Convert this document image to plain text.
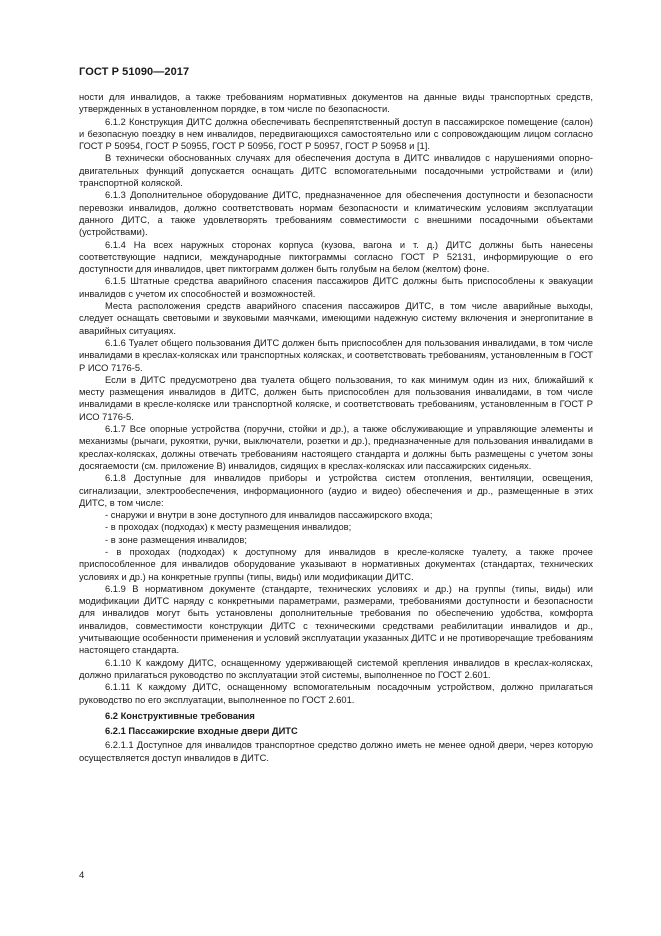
ГОСТ Р 51090—2017

ности для инвалидов, а также требованиям нормативных документов на данные виды транспортных средств, утвержденных в установленном порядке, в том числе по безопасности.

6.1.2 Конструкция ДИТС должна обеспечивать беспрепятственный доступ в пассажирское помещение (салон) и безопасную поездку в нем инвалидов, передвигающихся самостоятельно или с сопровождающим лицом согласно ГОСТ Р 50954, ГОСТ Р 50955, ГОСТ Р 50956, ГОСТ Р 50957, ГОСТ Р 50958 и [1].

В технически обоснованных случаях для обеспечения доступа в ДИТС инвалидов с нарушениями опорно-двигательных функций допускается оснащать ДИТС вспомогательными посадочными устройствами и (или) транспортной коляской.

6.1.3 Дополнительное оборудование ДИТС, предназначенное для обеспечения доступности и безопасности перевозки инвалидов, должно соответствовать нормам безопасности и климатическим условиям эксплуатации данного ДИТС, а также удовлетворять требованиям совместимости с внешними посадочными объектами (устройствами).

6.1.4 На всех наружных сторонах корпуса (кузова, вагона и т. д.) ДИТС должны быть нанесены соответствующие надписи, международные пиктограммы согласно ГОСТ Р 52131, информирующие о его доступности для инвалидов, цвет пиктограмм должен быть голубым на белом (желтом) фоне.

6.1.5 Штатные средства аварийного спасения пассажиров ДИТС должны быть приспособлены к эвакуации инвалидов с учетом их способностей и возможностей.

Места расположения средств аварийного спасения пассажиров ДИТС, в том числе аварийные выходы, следует оснащать световыми и звуковыми маячками, имеющими надежную систему включения и энергопитание в аварийных ситуациях.

6.1.6 Туалет общего пользования ДИТС должен быть приспособлен для пользования инвалидами, в том числе инвалидами в креслах-колясках или транспортных колясках, и соответствовать требованиям, установленным в ГОСТ Р ИСО 7176-5.

Если в ДИТС предусмотрено два туалета общего пользования, то как минимум один из них, ближайший к месту размещения инвалидов в ДИТС, должен быть приспособлен для пользования инвалидами, в том числе инвалидами в кресле-коляске или транспортной коляске, и соответствовать требованиям, установленным в ГОСТ Р ИСО 7176-5.

6.1.7 Все опорные устройства (поручни, стойки и др.), а также обслуживающие и управляющие элементы и механизмы (рычаги, рукоятки, ручки, выключатели, розетки и др.), предназначенные для пользования инвалидами в креслах-колясках, должны отвечать требованиям настоящего стандарта и должны быть размещены с учетом зоны досягаемости (см. приложение В) инвалидов, сидящих в креслах-колясках или пассажирских сиденьях.

6.1.8 Доступные для инвалидов приборы и устройства систем отопления, вентиляции, освещения, сигнализации, электрообеспечения, информационного (аудио и видео) обеспечения и др., размещенные в этих ДИТС, в том числе:

- снаружи и внутри в зоне доступного для инвалидов пассажирского входа;

- в проходах (подходах) к месту размещения инвалидов;

- в зоне размещения инвалидов;

- в проходах (подходах) к доступному для инвалидов в кресле-коляске туалету, а также прочее приспособленное для инвалидов оборудование указывают в нормативных документах (стандартах, технических условиях и др.) на конкретные группы (типы, виды) или модификации ДИТС.

6.1.9 В нормативном документе (стандарте, технических условиях и др.) на группы (типы, виды) или модификации ДИТС наряду с конкретными параметрами, размерами, требованиями доступности и безопасности для инвалидов могут быть установлены дополнительные требования по обеспечению удобства, комфорта инвалидов, совместимости конструкции ДИТС с техническими средствами реабилитации инвалидов и др., учитывающие особенности применения и условий эксплуатации указанных ДИТС и не противоречащие требованиям настоящего стандарта.

6.1.10 К каждому ДИТС, оснащенному удерживающей системой крепления инвалидов в креслах-колясках, должно прилагаться руководство по эксплуатации этой системы, выполненное по ГОСТ 2.601.

6.1.11 К каждому ДИТС, оснащенному вспомогательным посадочным устройством, должно прилагаться руководство по его эксплуатации, выполненное по ГОСТ 2.601.

6.2 Конструктивные требования

6.2.1 Пассажирские входные двери ДИТС

6.2.1.1 Доступное для инвалидов транспортное средство должно иметь не менее одной двери, через которую осуществляется доступ инвалидов в ДИТС.

4
